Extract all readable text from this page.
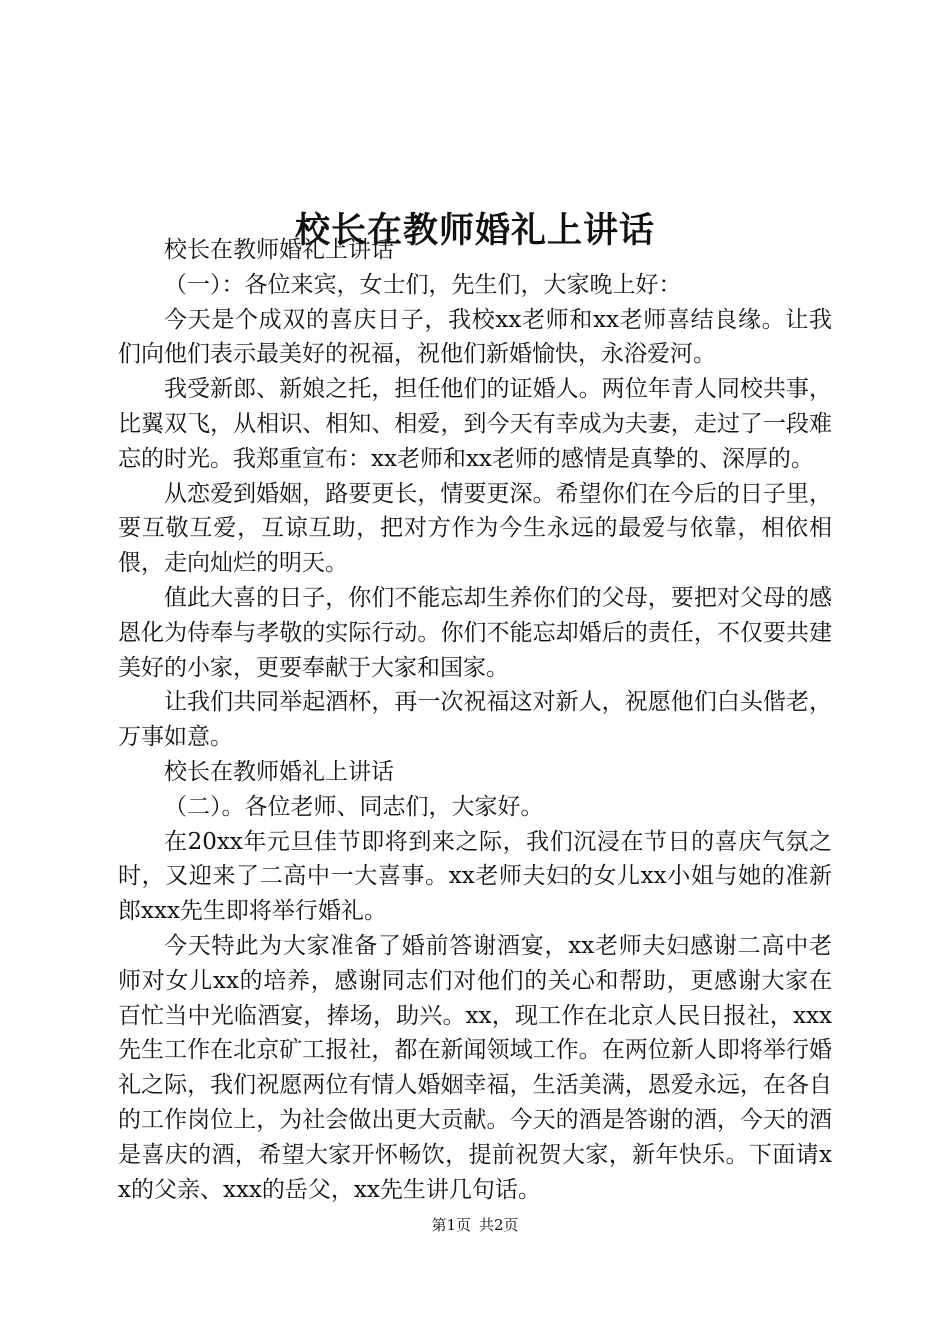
校长在教师婚礼上讲话

校长在教师婚礼上讲话

（一）：各位来宾，女士们，先生们，大家晚上好：

今天是个成双的喜庆日子，我校xx老师和xx老师喜结良缘。让我们向他们表示最美好的祝福，祝他们新婚愉快，永浴爱河。

我受新郎、新娘之托，担任他们的证婚人。两位年青人同校共事，比翼双飞，从相识、相知、相爱，到今天有幸成为夫妻，走过了一段难忘的时光。我郑重宣布：xx老师和xx老师的感情是真挚的、深厚的。

从恋爱到婚姻，路要更长，情要更深。希望你们在今后的日子里，要互敬互爱，互谅互助，把对方作为今生永远的最爱与依靠，相依相偎，走向灿烂的明天。

值此大喜的日子，你们不能忘却生养你们的父母，要把对父母的感恩化为侍奉与孝敬的实际行动。你们不能忘却婚后的责任，不仅要共建美好的小家，更要奉献于大家和国家。

让我们共同举起酒杯，再一次祝福这对新人，祝愿他们白头偕老，万事如意。

校长在教师婚礼上讲话

（二）。各位老师、同志们，大家好。

在20xx年元旦佳节即将到来之际，我们沉浸在节日的喜庆气氛之时，又迎来了二高中一大喜事。xx老师夫妇的女儿xx小姐与她的准新郎xxx先生即将举行婚礼。

今天特此为大家准备了婚前答谢酒宴，xx老师夫妇感谢二高中老师对女儿xx的培养，感谢同志们对他们的关心和帮助，更感谢大家在百忙当中光临酒宴，捧场，助兴。xx，现工作在北京人民日报社，xxx先生工作在北京矿工报社，都在新闻领域工作。在两位新人即将举行婚礼之际，我们祝愿两位有情人婚姻幸福，生活美满，恩爱永远，在各自的工作岗位上，为社会做出更大贡献。今天的酒是答谢的酒，今天的酒是喜庆的酒，希望大家开怀畅饮，提前祝贺大家，新年快乐。下面请xx的父亲、xxx的岳父，xx先生讲几句话。

第1页 共2页
